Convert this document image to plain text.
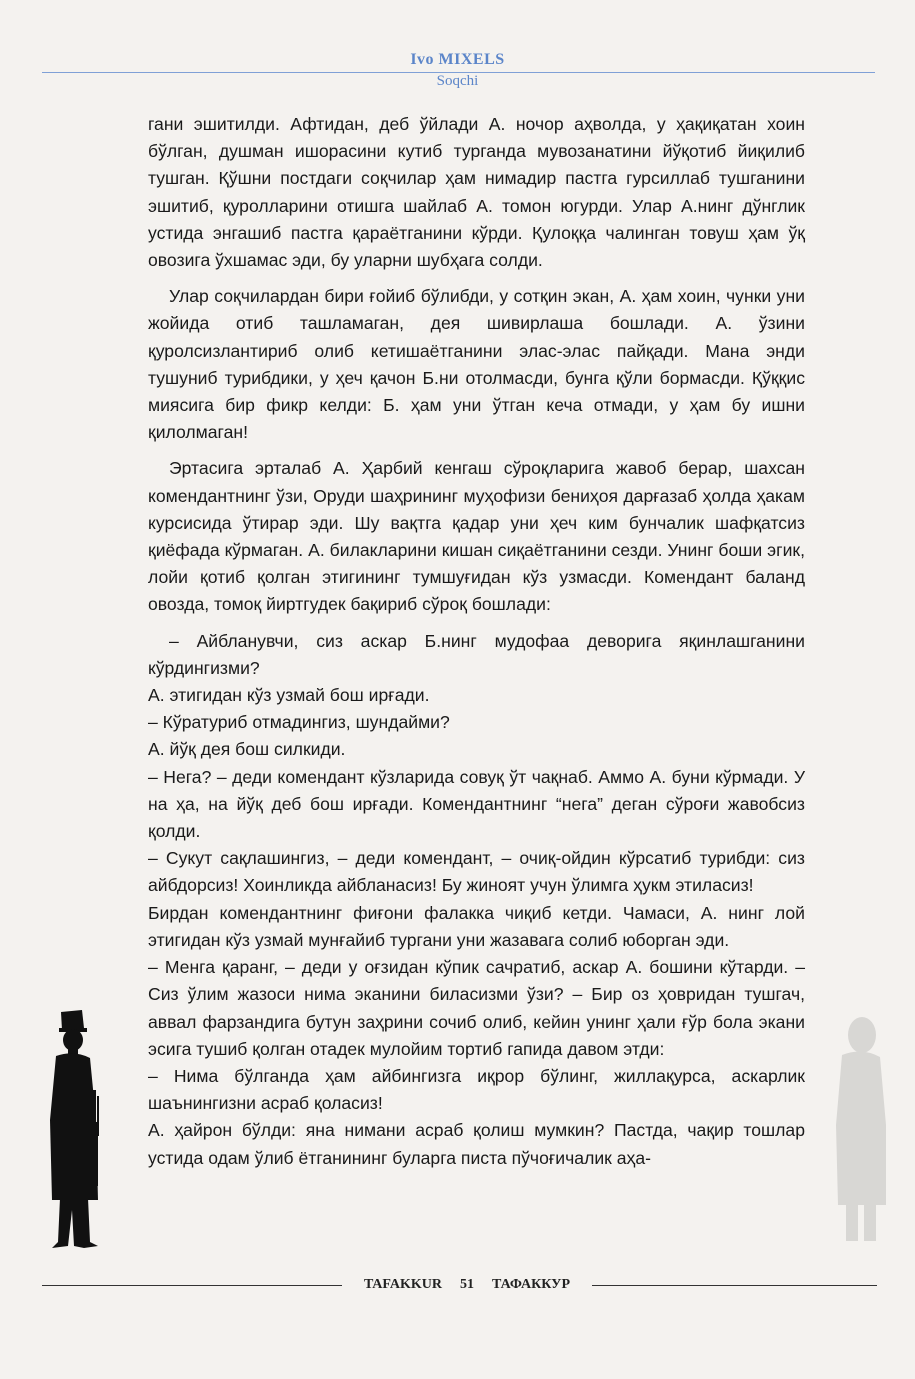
Ivo MIXELS
Soqchi

гани эшитилди. Афтидан, деб ўйлади А. ночор аҳволда, у ҳақиқатан хоин бўлган, душман ишорасини кутиб турганда мувозанатини йўқотиб йиқилиб тушган. Қўшни постдаги соқчилар ҳам нимадир пастга гурсиллаб тушганини эшитиб, қуролларини отишга шайлаб А. томон югурди. Улар А.нинг дўнглик устида энгашиб пастга қараётганини кўрди. Қулоққа чалинган товуш ҳам ўқ овозига ўхшамас эди, бу уларни шубҳага солди.

Улар соқчилардан бири ғойиб бўлибди, у сотқин экан, А. ҳам хоин, чунки уни жойида отиб ташламаган, дея шивирлаша бошлади. А. ўзини қуролсизлантириб олиб кетишаётганини элас-элас пайқади. Мана энди тушуниб турибдики, у ҳеч қачон Б.ни отолмасди, бунга қўли бормасди. Қўққис миясига бир фикр келди: Б. ҳам уни ўтган кеча отмади, у ҳам бу ишни қилолмаган!

Эртасига эрталаб А. Ҳарбий кенгаш сўроқларига жавоб берар, шахсан комендантнинг ўзи, Оруди шаҳрининг муҳофизи бениҳоя дарғазаб ҳолда ҳакам курсисида ўтирар эди. Шу вақтга қадар уни ҳеч ким бунчалик шафқатсиз қиёфада кўрмаган. А. билакларини кишан сиқаётганини сезди. Унинг боши эгик, лойи қотиб қолган этигининг тумшуғидан кўз узмасди. Комендант баланд овозда, томоқ йиртгудек бақириб сўроқ бошлади:

– Айбланувчи, сиз аскар Б.нинг мудофаа деворига яқинлашганини кўрдингизми?

А. этигидан кўз узмай бош ирғади.

– Кўратуриб отмадингиз, шундайми?

А. йўқ дея бош силкиди.

– Нега? – деди комендант кўзларида совуқ ўт чақнаб. Аммо А. буни кўрмади. У на ҳа, на йўқ деб бош ирғади. Комендантнинг “нега” деган сўроғи жавобсиз қолди.

– Сукут сақлашингиз, – деди комендант, – очиқ-ойдин кўрсатиб турибди: сиз айбдорсиз! Хоинликда айбланасиз! Бу жиноят учун ўлимга ҳукм этиласиз!

Бирдан комендантнинг фиғони фалакка чиқиб кетди. Чамаси, А. нинг лой этигидан кўз узмай мунғайиб тургани уни жазавага солиб юборган эди.

– Менга қаранг, – деди у оғзидан кўпик сачратиб, аскар А. бошини кўтарди. – Сиз ўлим жазоси нима эканини биласизми ўзи? – Бир оз ҳовридан тушгач, аввал фарзандига бутун заҳрини сочиб олиб, кейин унинг ҳали ғўр бола экани эсига тушиб қолган отадек мулойим тортиб гапида давом этди:

– Нима бўлганда ҳам айбингизга иқрор бўлинг, жиллақурса, аскарлик шаънингизни асраб қоласиз!

А. ҳайрон бўлди: яна нимани асраб қолиш мумкин? Пастда, чақир тошлар устида одам ўлиб ётганининг буларга писта пўчоғичалик аҳа-

TAFAKKUR 51 ТАФАККУР
